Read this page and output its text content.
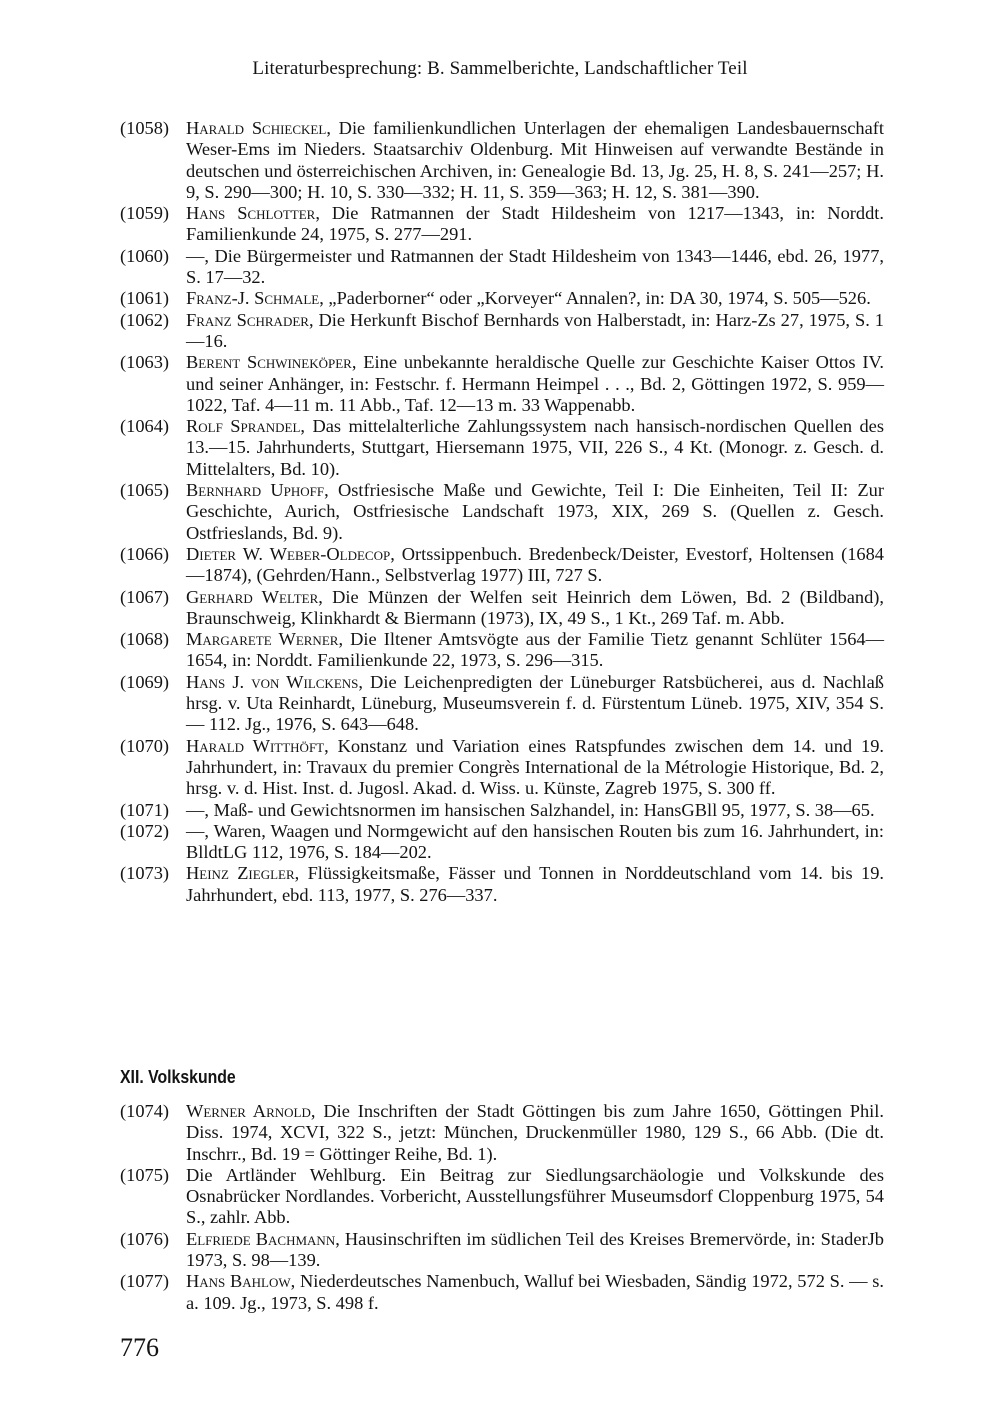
Literaturbesprechung: B. Sammelberichte, Landschaftlicher Teil
(1058) Harald Schieckel, Die familienkundlichen Unterlagen der ehemaligen Landesbauernschaft Weser-Ems im Nieders. Staatsarchiv Oldenburg. Mit Hinweisen auf verwandte Bestände in deutschen und österreichischen Archiven, in: Genealogie Bd. 13, Jg. 25, H. 8, S. 241—257; H. 9, S. 290—300; H. 10, S. 330—332; H. 11, S. 359—363; H. 12, S. 381—390.
(1059) Hans Schlotter, Die Ratmannen der Stadt Hildesheim von 1217—1343, in: Norddt. Familienkunde 24, 1975, S. 277—291.
(1060) —, Die Bürgermeister und Ratmannen der Stadt Hildesheim von 1343—1446, ebd. 26, 1977, S. 17—32.
(1061) Franz-J. Schmale, „Paderborner“ oder „Korveyer“ Annalen?, in: DA 30, 1974, S. 505—526.
(1062) Franz Schrader, Die Herkunft Bischof Bernhards von Halberstadt, in: Harz-Zs 27, 1975, S. 1—16.
(1063) Berent Schwineköper, Eine unbekannte heraldische Quelle zur Geschichte Kaiser Ottos IV. und seiner Anhänger, in: Festschr. f. Hermann Heimpel . . ., Bd. 2, Göttingen 1972, S. 959—1022, Taf. 4—11 m. 11 Abb., Taf. 12—13 m. 33 Wappenabb.
(1064) Rolf Sprandel, Das mittelalterliche Zahlungssystem nach hansisch-nordischen Quellen des 13.—15. Jahrhunderts, Stuttgart, Hiersemann 1975, VII, 226 S., 4 Kt. (Monogr. z. Gesch. d. Mittelalters, Bd. 10).
(1065) Bernhard Uphoff, Ostfriesische Maße und Gewichte, Teil I: Die Einheiten, Teil II: Zur Geschichte, Aurich, Ostfriesische Landschaft 1973, XIX, 269 S. (Quellen z. Gesch. Ostfrieslands, Bd. 9).
(1066) Dieter W. Weber-Oldecop, Ortssippenbuch. Bredenbeck/Deister, Evestorf, Holtensen (1684—1874), (Gehrden/Hann., Selbstverlag 1977) III, 727 S.
(1067) Gerhard Welter, Die Münzen der Welfen seit Heinrich dem Löwen, Bd. 2 (Bildband), Braunschweig, Klinkhardt & Biermann (1973), IX, 49 S., 1 Kt., 269 Taf. m. Abb.
(1068) Margarete Werner, Die Iltener Amtsvögte aus der Familie Tietz genannt Schlüter 1564—1654, in: Norddt. Familienkunde 22, 1973, S. 296—315.
(1069) Hans J. von Wilckens, Die Leichenpredigten der Lüneburger Ratsbücherei, aus d. Nachlaß hrsg. v. Uta Reinhardt, Lüneburg, Museumsverein f. d. Fürstentum Lüneb. 1975, XIV, 354 S. — 112. Jg., 1976, S. 643—648.
(1070) Harald Witthöft, Konstanz und Variation eines Ratspfundes zwischen dem 14. und 19. Jahrhundert, in: Travaux du premier Congrès International de la Métrologie Historique, Bd. 2, hrsg. v. d. Hist. Inst. d. Jugosl. Akad. d. Wiss. u. Künste, Zagreb 1975, S. 300 ff.
(1071) —, Maß- und Gewichtsnormen im hansischen Salzhandel, in: HansGBll 95, 1977, S. 38—65.
(1072) —, Waren, Waagen und Normgewicht auf den hansischen Routen bis zum 16. Jahrhundert, in: BlldtLG 112, 1976, S. 184—202.
(1073) Heinz Ziegler, Flüssigkeitsmaße, Fässer und Tonnen in Norddeutschland vom 14. bis 19. Jahrhundert, ebd. 113, 1977, S. 276—337.
XII. Volkskunde
(1074) Werner Arnold, Die Inschriften der Stadt Göttingen bis zum Jahre 1650, Göttingen Phil. Diss. 1974, XCVI, 322 S., jetzt: München, Druckenmüller 1980, 129 S., 66 Abb. (Die dt. Inschrr., Bd. 19 = Göttinger Reihe, Bd. 1).
(1075) Die Artländer Wehlburg. Ein Beitrag zur Siedlungsarchäologie und Volkskunde des Osnabrücker Nordlandes. Vorbericht, Ausstellungsführer Museumsdorf Cloppenburg 1975, 54 S., zahlr. Abb.
(1076) Elfriede Bachmann, Hausinschriften im südlichen Teil des Kreises Bremervörde, in: StaderJb 1973, S. 98—139.
(1077) Hans Bahlow, Niederdeutsches Namenbuch, Walluf bei Wiesbaden, Sändig 1972, 572 S. — s. a. 109. Jg., 1973, S. 498 f.
776
